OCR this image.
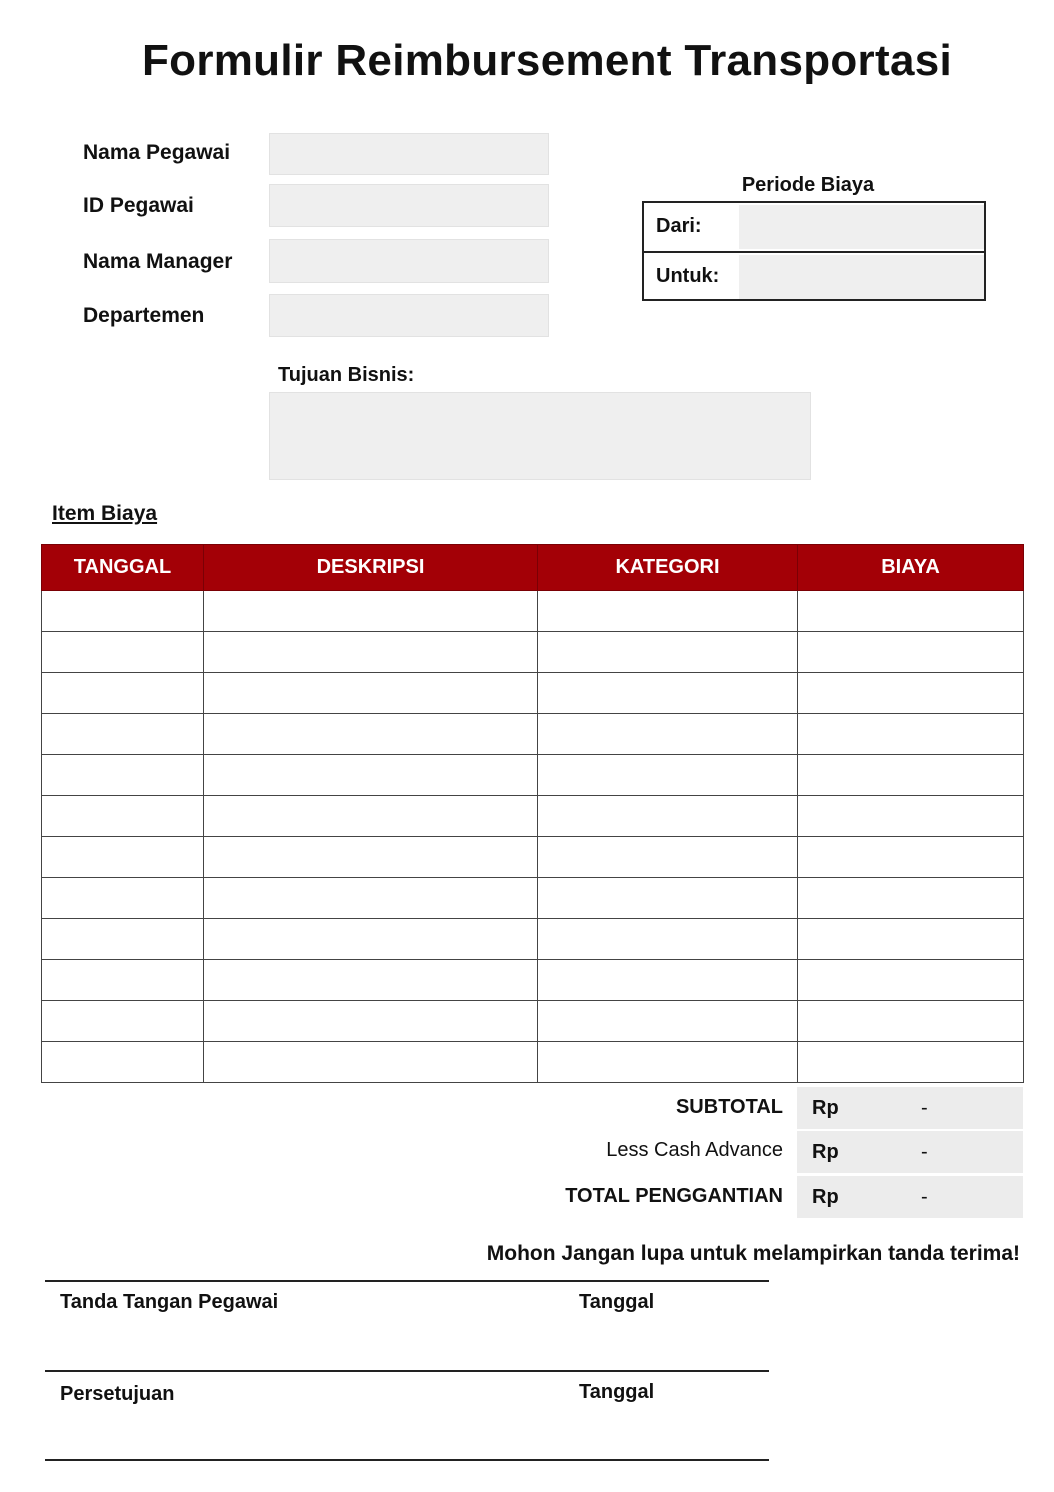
Formulir Reimbursement Transportasi
Nama Pegawai
ID Pegawai
Nama Manager
Departemen
Periode Biaya
Dari:
Untuk:
Tujuan Bisnis:
Item Biaya
TANGGAL	DESKRIPSI	KATEGORI	BIAYA

SUBTOTAL Rp	-
Less Cash Advance Rp	-
TOTAL PENGGANTIAN Rp	-
Mohon Jangan lupa untuk melampirkan tanda terima!
Tanda Tangan Pegawai	Tanggal
Persetujuan	Tanggal
